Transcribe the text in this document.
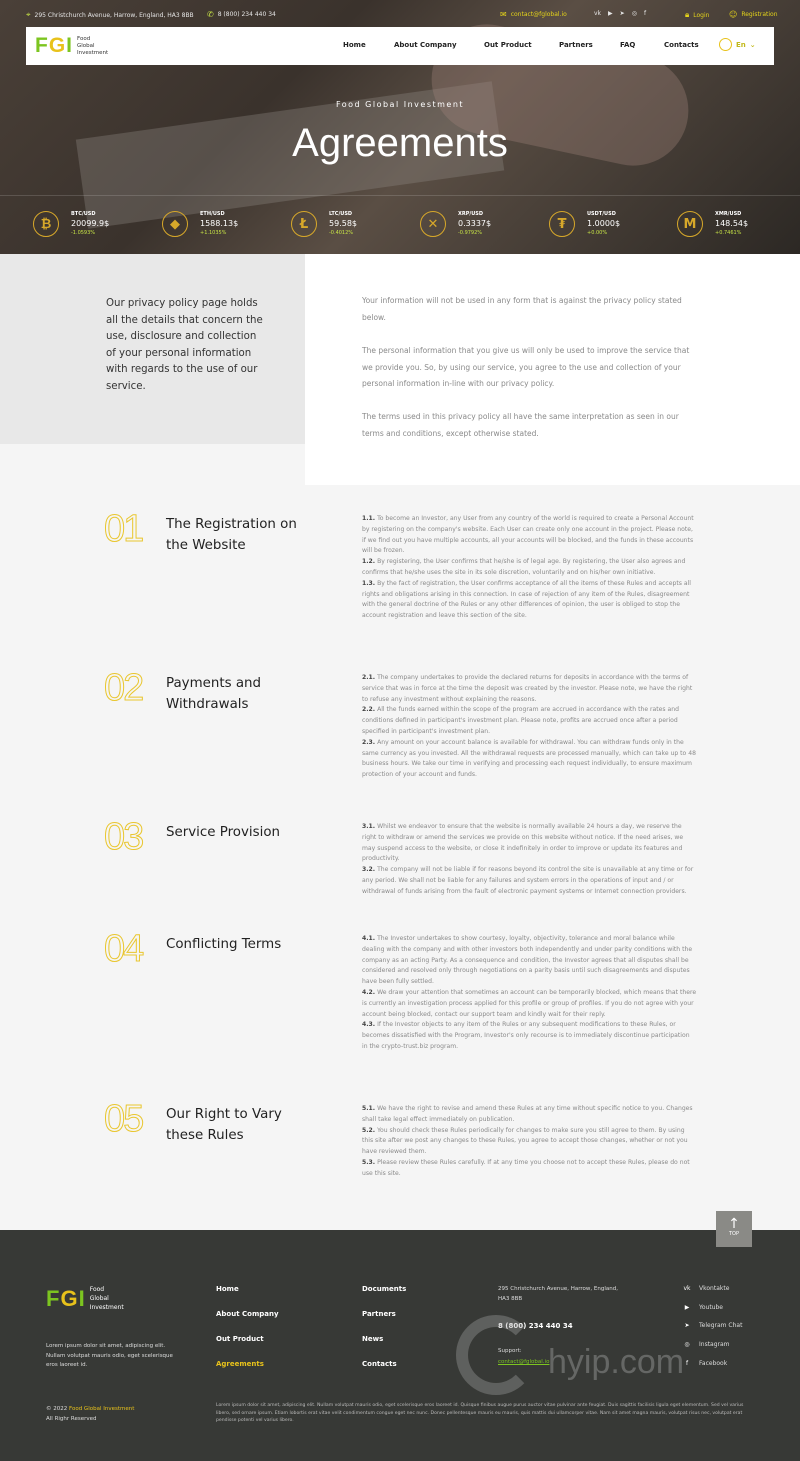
⌖ 295 Christchurch Avenue, Harrow, England, HA3 8BB ✆ 8 (800) 234 440 34	✉ contact@fglobal.io	vk ▶ ➤ ◎ f	🔒︎ Login ☺ Registration
FGI Food
Global
Investment
Home	About Company	Out Product	Partners	FAQ	Contacts	En ⌄
Food Global Investment
Agreements
₿
BTC/USD
20099.9$
-1.0593%
◆
ETH/USD
1588.13$
+1.1035%
Ł
LTC/USD
59.58$
-0.4012%
✕
XRP/USD
0.3337$
-0.9792%
₮
USDT/USD
1.0000$
+0.00%
M
XMR/USD
148.54$
+0.7461%

Our privacy policy page holds all the details that concern the use, disclosure and collection of your personal information with regards to the use of our service.

Your information will not be used in any form that is against the privacy policy stated below.

The personal information that you give us will only be used to improve the service that we provide you. So, by using our service, you agree to the use and collection of your personal information in-line with our privacy policy.

The terms used in this privacy policy all have the same interpretation as seen in our terms and conditions, except otherwise stated.

01 The Registration on the Website
1.1. To become an Investor, any User from any country of the world is required to create a Personal Account by registering on the company's website. Each User can create only one account in the project. Please note, if we find out you have multiple accounts, all your accounts will be blocked, and the funds in these accounts will be frozen.
1.2. By registering, the User confirms that he/she is of legal age. By registering, the User also agrees and confirms that he/she uses the site in its sole discretion, voluntarily and on his/her own initiative.
1.3. By the fact of registration, the User confirms acceptance of all the items of these Rules and accepts all rights and obligations arising in this connection. In case of rejection of any item of the Rules, disagreement with the general doctrine of the Rules or any other differences of opinion, the user is obliged to stop the account registration and leave this section of the site.
02 Payments and Withdrawals
2.1. The company undertakes to provide the declared returns for deposits in accordance with the terms of service that was in force at the time the deposit was created by the investor. Please note, we have the right to refuse any investment without explaining the reasons.
2.2. All the funds earned within the scope of the program are accrued in accordance with the rates and conditions defined in participant's investment plan. Please note, profits are accrued once after a period specified in participant's investment plan.
2.3. Any amount on your account balance is available for withdrawal. You can withdraw funds only in the same currency as you invested. All the withdrawal requests are processed manually, which can take up to 48 business hours. We take our time in verifying and processing each request individually, to ensure maximum protection of your account and funds.
03 Service Provision	3.1. Whilst we endeavor to ensure that the website is normally available 24 hours a day, we reserve the right to withdraw or amend the services we provide on this website without notice. If the need arises, we may suspend access to the website, or close it indefinitely in order to improve or update its features and productivity.
3.2. The company will not be liable if for reasons beyond its control the site is unavailable at any time or for any period. We shall not be liable for any failures and system errors in the operations of input and / or withdrawal of funds arising from the fault of electronic payment systems or Internet connection providers.
04 Conflicting Terms	4.1. The Investor undertakes to show courtesy, loyalty, objectivity, tolerance and moral balance while dealing with the company and with other investors both independently and under parity conditions with the company as an acting Party. As a consequence and condition, the Investor agrees that all disputes shall be considered and resolved only through negotiations on a parity basis until such disagreements and disputes have been fully settled.
4.2. We draw your attention that sometimes an account can be temporarily blocked, which means that there is currently an investigation process applied for this profile or group of profiles. If you do not agree with your account being blocked, contact our support team and kindly wait for their reply.
4.3. If the Investor objects to any item of the Rules or any subsequent modifications to these Rules, or becomes dissatisfied with the Program, Investor's only recourse is to immediately discontinue participation in the crypto-trust.biz program.
05 Our Right to Vary these Rules
5.1. We have the right to revise and amend these Rules at any time without specific notice to you. Changes shall take legal effect immediately on publication.
5.2. You should check these Rules periodically for changes to make sure you still agree to them. By using this site after we post any changes to these Rules, you agree to accept those changes, whether or not you have reviewed them.
5.3. Please review these Rules carefully. If at any time you choose not to accept these Rules, please do not use this site.
↑
TOP
FGI Food
Global
Investment
Lorem ipsum dolor sit amet, adipiscing elit. Nullam volutpat mauris odio, eget scelerisque eros laoreet id.
© 2022 Food Global Investment
All Righr Reserved
Home
About Company
Out Product
Agreements
Documents
Partners
News
Contacts
295 Christchurch Avenue, Harrow, England, HA3 8BB
8 (800) 234 440 34
Support:
contact@fglobal.io
vk Vkontakte
▶ Youtube
➤ Telegram Chat
◎ Instagram
f	Facebook
Lorem ipsum dolor sit amet, adipiscing elit. Nullam volutpat mauris odio, eget scelerisque eros laoreet id. Quisque finibus augue purus auctor vitae pulvinar ante feugiat. Duis sagittis facilisis ligula eget elementum. Sed vel varius libero, sed ornare ipsum. Etiam lobortis erat vitae velit condimentum congue eget nec nunc. Donec pellentesque mauris eu mauris, quis mattis dui ullamcorper vitae. Nam sit amet magna mauris, volutpat risus nec, volutpat erat pendisse potenti vel varius libero.
hyip.com
